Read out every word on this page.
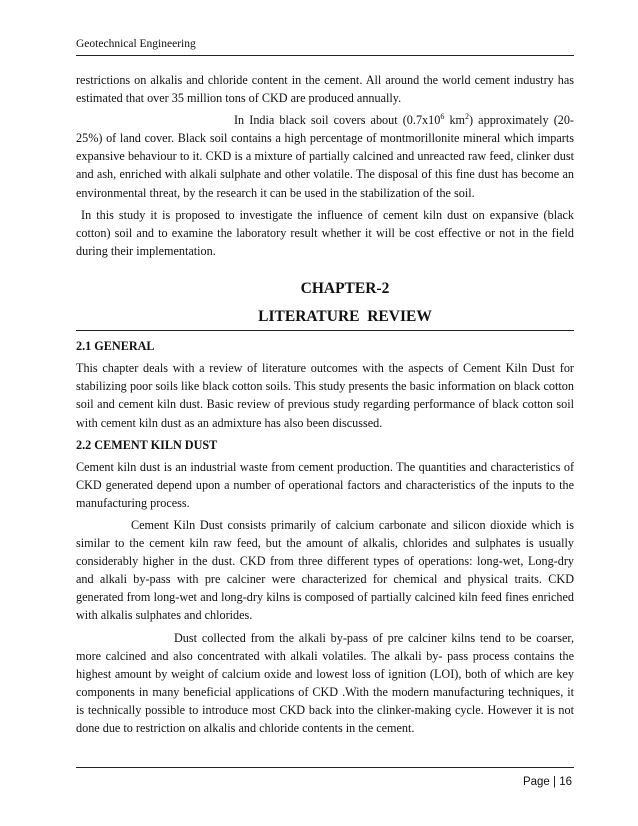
Geotechnical Engineering

restrictions on alkalis and chloride content in the cement. All around the world cement industry has estimated that over 35 million tons of CKD are produced annually.

In India black soil covers about ($0.7x10^6$ $km^2$) approximately (20-25%) of land cover. Black soil contains a high percentage of montmorillonite mineral which imparts expansive behaviour to it. CKD is a mixture of partially calcined and unreacted raw feed, clinker dust and ash, enriched with alkali sulphate and other volatile. The disposal of this fine dust has become an environmental threat, by the research it can be used in the stabilization of the soil.

In this study it is proposed to investigate the influence of cement kiln dust on expansive (black cotton) soil and to examine the laboratory result whether it will be cost effective or not in the field during their implementation.

CHAPTER-2
LITERATURE  REVIEW

2.1 GENERAL

This chapter deals with a review of literature outcomes with the aspects of Cement Kiln Dust for stabilizing poor soils like black cotton soils. This study presents the basic information on black cotton soil and cement kiln dust. Basic review of previous study regarding performance of black cotton soil with cement kiln dust as an admixture has also been discussed.

2.2 CEMENT KILN DUST

Cement kiln dust is an industrial waste from cement production. The quantities and characteristics of CKD generated depend upon a number of operational factors and characteristics of the inputs to the manufacturing process.

Cement Kiln Dust consists primarily of calcium carbonate and silicon dioxide which is similar to the cement kiln raw feed, but the amount of alkalis, chlorides and sulphates is usually considerably higher in the dust. CKD from three different types of operations: long-wet, Long-dry and alkali by-pass with pre calciner were characterized for chemical and physical traits. CKD generated from long-wet and long-dry kilns is composed of partially calcined kiln feed fines enriched with alkalis sulphates and chlorides.

Dust collected from the alkali by-pass of pre calciner kilns tend to be coarser, more calcined and also concentrated with alkali volatiles. The alkali by- pass process contains the highest amount by weight of calcium oxide and lowest loss of ignition (LOI), both of which are key components in many beneficial applications of CKD .With the modern manufacturing techniques, it is technically possible to introduce most CKD back into the clinker-making cycle. However it is not done due to restriction on alkalis and chloride contents in the cement.

Page | 16
